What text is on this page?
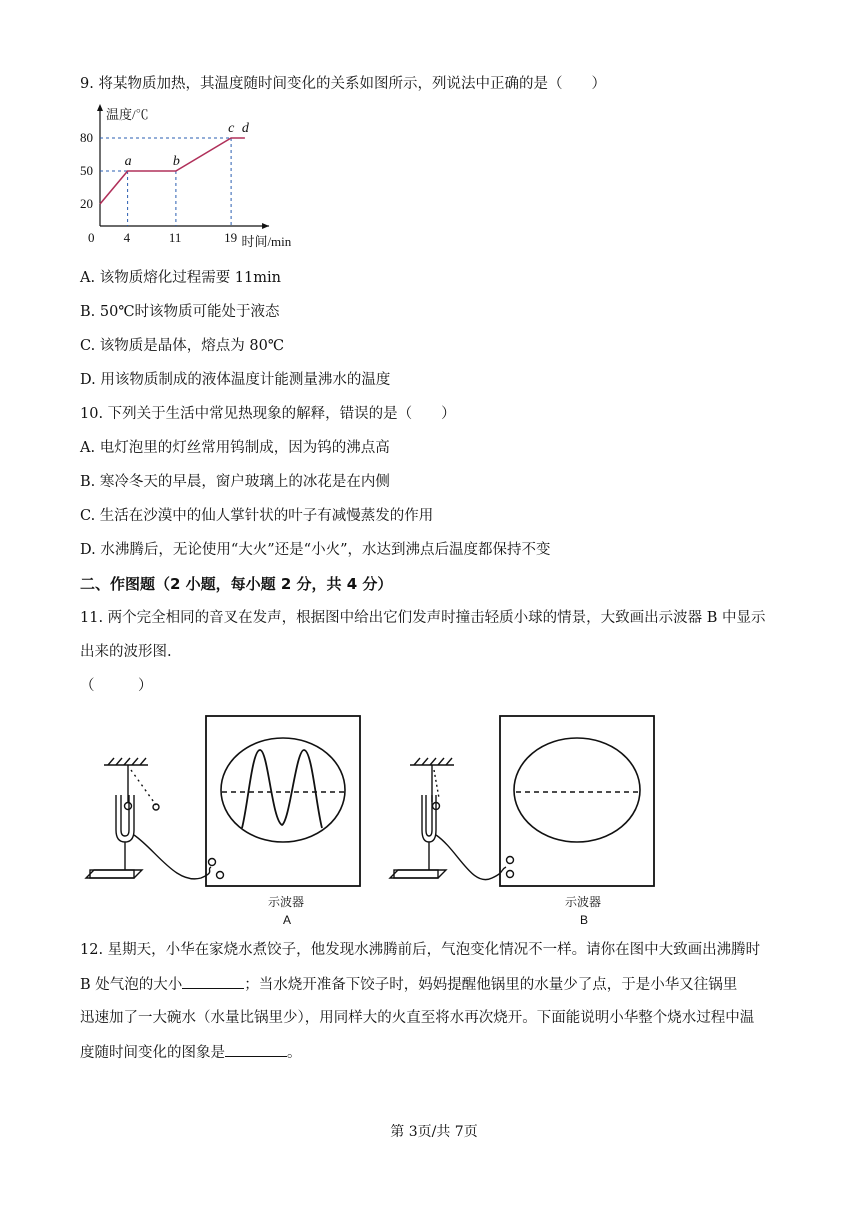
9. 将某物质加热，其温度随时间变化的关系如图所示，列说法中正确的是（　　）
温度/℃
时间/min
0
20
50
80
4	11	19
a	b
c d
A. 该物质熔化过程需要 11min
B. 50℃时该物质可能处于液态
C. 该物质是晶体，熔点为 80℃
D. 用该物质制成的液体温度计能测量沸水的温度
10. 下列关于生活中常见热现象的解释，错误的是（　　）
A. 电灯泡里的灯丝常用钨制成，因为钨的沸点高
B. 寒冷冬天的早晨，窗户玻璃上的冰花是在内侧
C. 生活在沙漠中的仙人掌针状的叶子有减慢蒸发的作用
D. 水沸腾后，无论使用“大火”还是“小火”，水达到沸点后温度都保持不变
二、作图题（2 小题，每小题 2 分，共 4 分）
11. 两个完全相同的音叉在发声，根据图中给出它们发声时撞击轻质小球的情景，大致画出示波器 B 中显示
出来的波形图.
（　　　）
示波器
A
示波器
B
12. 星期天，小华在家烧水煮饺子，他发现水沸腾前后，气泡变化情况不一样。请你在图中大致画出沸腾时
B 处气泡的大小	；当水烧开准备下饺子时，妈妈提醒他锅里的水量少了点，于是小华又往锅里
迅速加了一大碗水（水量比锅里少），用同样大的火直至将水再次烧开。下面能说明小华整个烧水过程中温
度随时间变化的图象是	。
第 3页/共 7页
